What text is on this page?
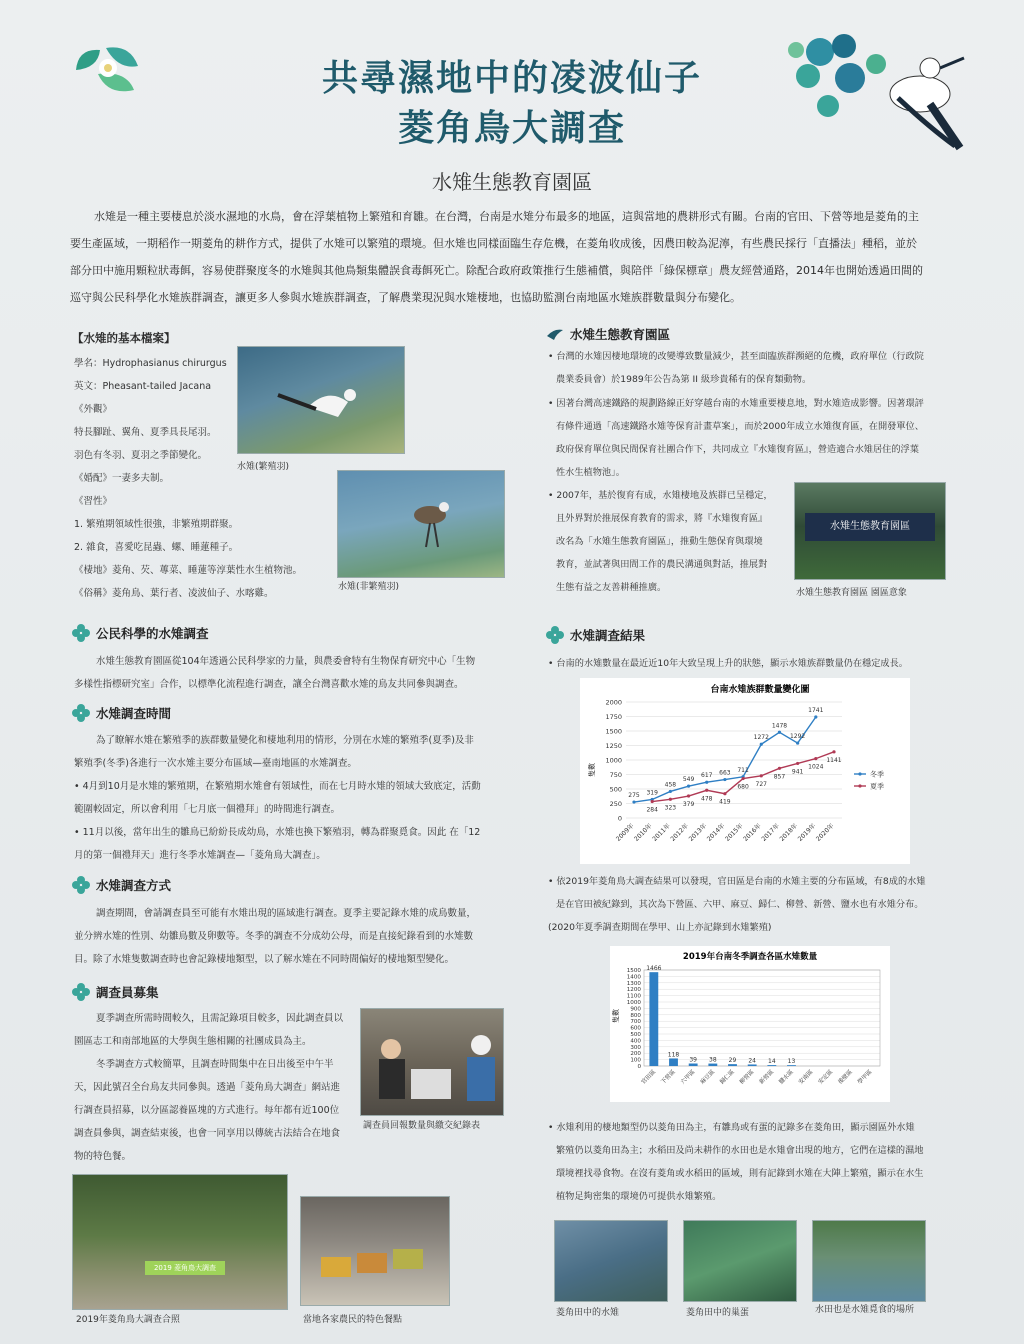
共尋濕地中的凌波仙子
菱角鳥大調查
水雉生態教育園區
水雉是一種主要棲息於淡水濕地的水鳥，會在浮葉植物上繁殖和育雛。在台灣，台南是水雉分布最多的地區，這與當地的農耕形式有關。台南的官田、下營等地是菱角的主
要生產區域，一期稻作一期菱角的耕作方式，提供了水雉可以繁殖的環境。但水雉也同樣面臨生存危機，在菱角收成後，因農田較為泥濘，有些農民採行「直播法」種稻，並於
部分田中施用顆粒狀毒餌，容易使群聚度冬的水雉與其他鳥類集體誤食毒餌死亡。除配合政府政策推行生態補償，與陪伴「綠保標章」農友經營通路，2014年也開始透過田間的
巡守與公民科學化水雉族群調查，讓更多人參與水雉族群調查，了解農業現況與水雉棲地，也協助監測台南地區水雉族群數量與分布變化。
【水雉的基本檔案】
學名：Hydrophasianus chirurgus
英文：Pheasant-tailed Jacana
《外觀》
特長腳趾、翼角、夏季具長尾羽。
羽色有冬羽、夏羽之季節變化。
《婚配》一妻多夫制。
《習性》
1. 繁殖期領域性很強，非繁殖期群聚。
2. 雜食，喜愛吃昆蟲、螺、睡蓮種子。
《棲地》菱角、芡、蓴菜、睡蓮等淳葉性水生植物池。
《俗稱》菱角鳥、葉行者、凌波仙子、水喀雞。
水雉(繁殖羽)
水雉(非繁殖羽)
公民科學的水雉調查
水雉生態教育園區從104年透過公民科學家的力量，與農委會特有生物保育研究中心「生物
多樣性指標研究室」合作，以標準化流程進行調查，讓全台灣喜歡水雉的鳥友共同參與調查。
水雉調查時間
為了瞭解水雉在繁殖季的族群數量變化和棲地利用的情形，分別在水雉的繁殖季(夏季)及非
繁殖季(冬季)各進行一次水雉主要分布區域—臺南地區的水雉調查。
• 4月到10月是水雉的繁殖期，在繁殖期水雉會有領域性，而在七月時水雉的領域大致底定，活動
範圍較固定，所以會利用「七月底一個禮拜」的時間進行調查。
• 11月以後，當年出生的雛鳥已紛紛長成幼鳥，水雉也換下繁殖羽，轉為群聚覓食。因此 在「12
月的第一個禮拜天」進行冬季水雉調查—「菱角鳥大調查」。
水雉調查方式
調查期間，會請調查員至可能有水雉出現的區域進行調查。夏季主要記錄水雉的成鳥數量，
並分辨水雉的性別、幼雛鳥數及卵數等。冬季的調查不分成幼公母，而是直接紀錄看到的水雉數
目。除了水雉隻數調查時也會記錄棲地類型，以了解水雉在不同時間偏好的棲地類型變化。
調查員募集
夏季調查所需時間較久，且需記錄項目較多，因此調查員以
園區志工和南部地區的大學與生態相關的社團成員為主。
冬季調查方式較簡單，且調查時間集中在日出後至中午半
天，因此號召全台鳥友共同參與。透過「菱角鳥大調查」網站進
行調查員招募，以分區認養區塊的方式進行。每年都有近100位
調查員參與，調查結束後，也會一同享用以傳統古法結合在地食
物的特色餐。
調查員回報數量與繳交紀錄表
2019 菱角鳥大調查
2019年菱角鳥大調查合照	當地各家農民的特色餐點
水雉生態教育園區
• 台灣的水雉因棲地環境的改變導致數量減少，甚至面臨族群瀕絕的危機，政府單位（行政院
農業委員會）於1989年公告為第 II 級珍貴稀有的保育類動物。
• 因著台灣高速鐵路的規劃路線正好穿越台南的水雉重要棲息地，對水雉造成影響。因著環評
有條件通過「高速鐵路水雉等保育計畫草案」，而於2000年成立水雉復育區，在開發單位、
政府保育單位與民間保育社團合作下，共同成立『水雉復育區』，營造適合水雉居住的浮葉
性水生植物池」。
• 2007年，基於復育有成，水雉棲地及族群已呈穩定，
且外界對於推展保育教育的需求，將『水雉復育區』
改名為「水雉生態教育園區」，推動生態保育與環境
教育，並試著與田間工作的農民溝通與對話，推展對
生態有益之友善耕種推廣。
水雉生態教育園區
水雉生態教育園區 園區意象
水雉調查結果
• 台南的水雉數量在最近近10年大致呈現上升的狀態，顯示水雉族群數量仍在穩定成長。
台南水雉族群數量變化圖
隻數
0
250
500
750
1000
1250
1500
1750
2000
2009年
2010年
2011年
2012年
2013年
2014年
2015年
2016年
2017年
2018年
2019年
2020年
275 319
458
549
617 663 711
1272
1478
1292
1741
冬季
284 323 379
478 419
680 727
857
941
1024
1141
夏季
• 依2019年菱角鳥大調查結果可以發現，官田區是台南的水雉主要的分布區域，有8成的水雉
是在官田被紀錄到，其次為下營區、六甲、麻豆、歸仁、柳營、新營、鹽水也有水雉分布。
(2020年夏季調查期間在學甲、山上亦記錄到水雉繁殖)
2019年台南冬季調查各區水雉數量
隻數
0
100
200
300
400
500
600
700
800
900
1000
1100
1200
1300
1400
1500 1466
官田區
118
下營區
39
六甲區
38
麻豆區
29
歸仁區
24
柳營區
14
新營區
13
鹽水區 安南區 安定區 後壁區 學甲區
• 水雉利用的棲地類型仍以菱角田為主，有雛鳥或有蛋的記錄多在菱角田，顯示園區外水雉
繁殖仍以菱角田為主；水稻田及尚未耕作的水田也是水雉會出現的地方，它們在這樣的濕地
環境裡找尋食物。在沒有菱角或水稻田的區域，則有記錄到水雉在大陣上繁殖，顯示在水生
植物足夠密集的環境仍可提供水雉繁殖。
菱角田中的水雉	菱角田中的巢蛋	水田也是水雉覓食的場所
